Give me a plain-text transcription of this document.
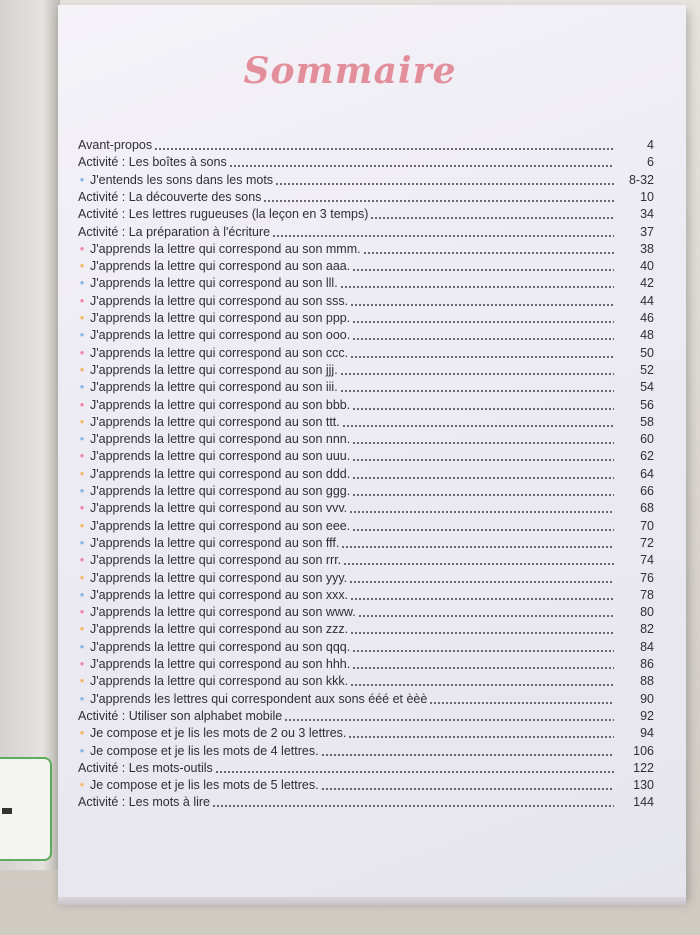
Sommaire
Avant-propos	4
Activité : Les boîtes à sons	6
• J'entends les sons dans les mots	8-32
Activité : La découverte des sons	10
Activité : Les lettres rugueuses (la leçon en 3 temps)	34
Activité : La préparation à l'écriture	37
• J'apprends la lettre qui correspond au son mmm.	38
• J'apprends la lettre qui correspond au son aaa.	40
• J'apprends la lettre qui correspond au son lll.	42
• J'apprends la lettre qui correspond au son sss.	44
• J'apprends la lettre qui correspond au son ppp.	46
• J'apprends la lettre qui correspond au son ooo.	48
• J'apprends la lettre qui correspond au son ccc.	50
• J'apprends la lettre qui correspond au son jjj.	52
• J'apprends la lettre qui correspond au son iii.	54
• J'apprends la lettre qui correspond au son bbb.	56
• J'apprends la lettre qui correspond au son ttt.	58
• J'apprends la lettre qui correspond au son nnn.	60
• J'apprends la lettre qui correspond au son uuu.	62
• J'apprends la lettre qui correspond au son ddd.	64
• J'apprends la lettre qui correspond au son ggg.	66
• J'apprends la lettre qui correspond au son vvv.	68
• J'apprends la lettre qui correspond au son eee.	70
• J'apprends la lettre qui correspond au son fff.	72
• J'apprends la lettre qui correspond au son rrr.	74
• J'apprends la lettre qui correspond au son yyy.	76
• J'apprends la lettre qui correspond au son xxx.	78
• J'apprends la lettre qui correspond au son www.	80
• J'apprends la lettre qui correspond au son zzz.	82
• J'apprends la lettre qui correspond au son qqq.	84
• J'apprends la lettre qui correspond au son hhh.	86
• J'apprends la lettre qui correspond au son kkk.	88
• J'apprends les lettres qui correspondent aux sons ééé et èèè	90
Activité : Utiliser son alphabet mobile	92
• Je compose et je lis les mots de 2 ou 3 lettres.	94
• Je compose et je lis les mots de 4 lettres.	106
Activité : Les mots-outils	122
• Je compose et je lis les mots de 5 lettres.	130
Activité : Les mots à lire	144
